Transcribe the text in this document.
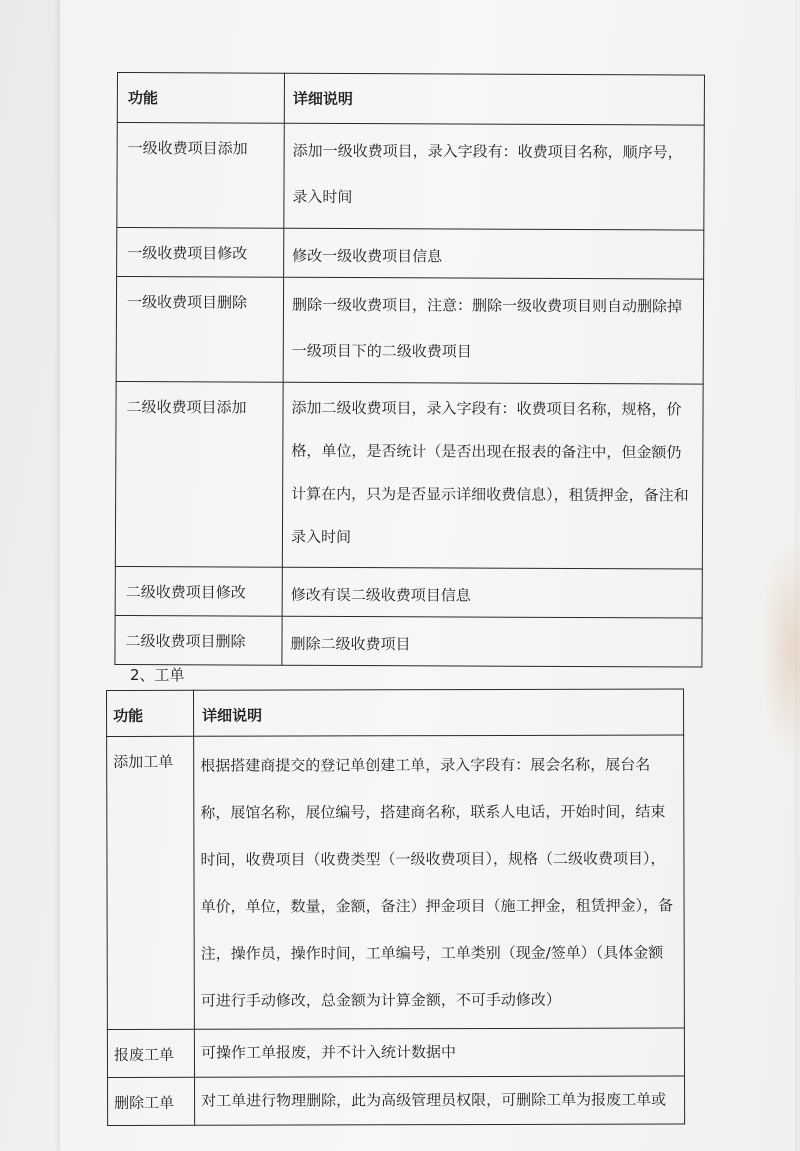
功能	详细说明
一级收费项目添加	添加一级收费项目，录入字段有：收费项目名称，顺序号，录入时间
一级收费项目修改	修改一级收费项目信息
一级收费项目删除	删除一级收费项目，注意：删除一级收费项目则自动删除掉一级项目下的二级收费项目
二级收费项目添加	添加二级收费项目，录入字段有：收费项目名称，规格，价格，单位，是否统计（是否出现在报表的备注中，但金额仍计算在内，只为是否显示详细收费信息），租赁押金，备注和录入时间
二级收费项目修改	修改有误二级收费项目信息
二级收费项目删除	删除二级收费项目
2、工单
功能	详细说明
添加工单	根据搭建商提交的登记单创建工单，录入字段有：展会名称，展台名称，展馆名称，展位编号，搭建商名称，联系人电话，开始时间，结束时间，收费项目（收费类型（一级收费项目），规格（二级收费项目），单价，单位，数量，金额，备注）押金项目（施工押金，租赁押金），备注，操作员，操作时间，工单编号，工单类别（现金/签单）（具体金额可进行手动修改，总金额为计算金额，不可手动修改）
报废工单	可操作工单报废，并不计入统计数据中
删除工单	对工单进行物理删除，此为高级管理员权限，可删除工单为报废工单或
